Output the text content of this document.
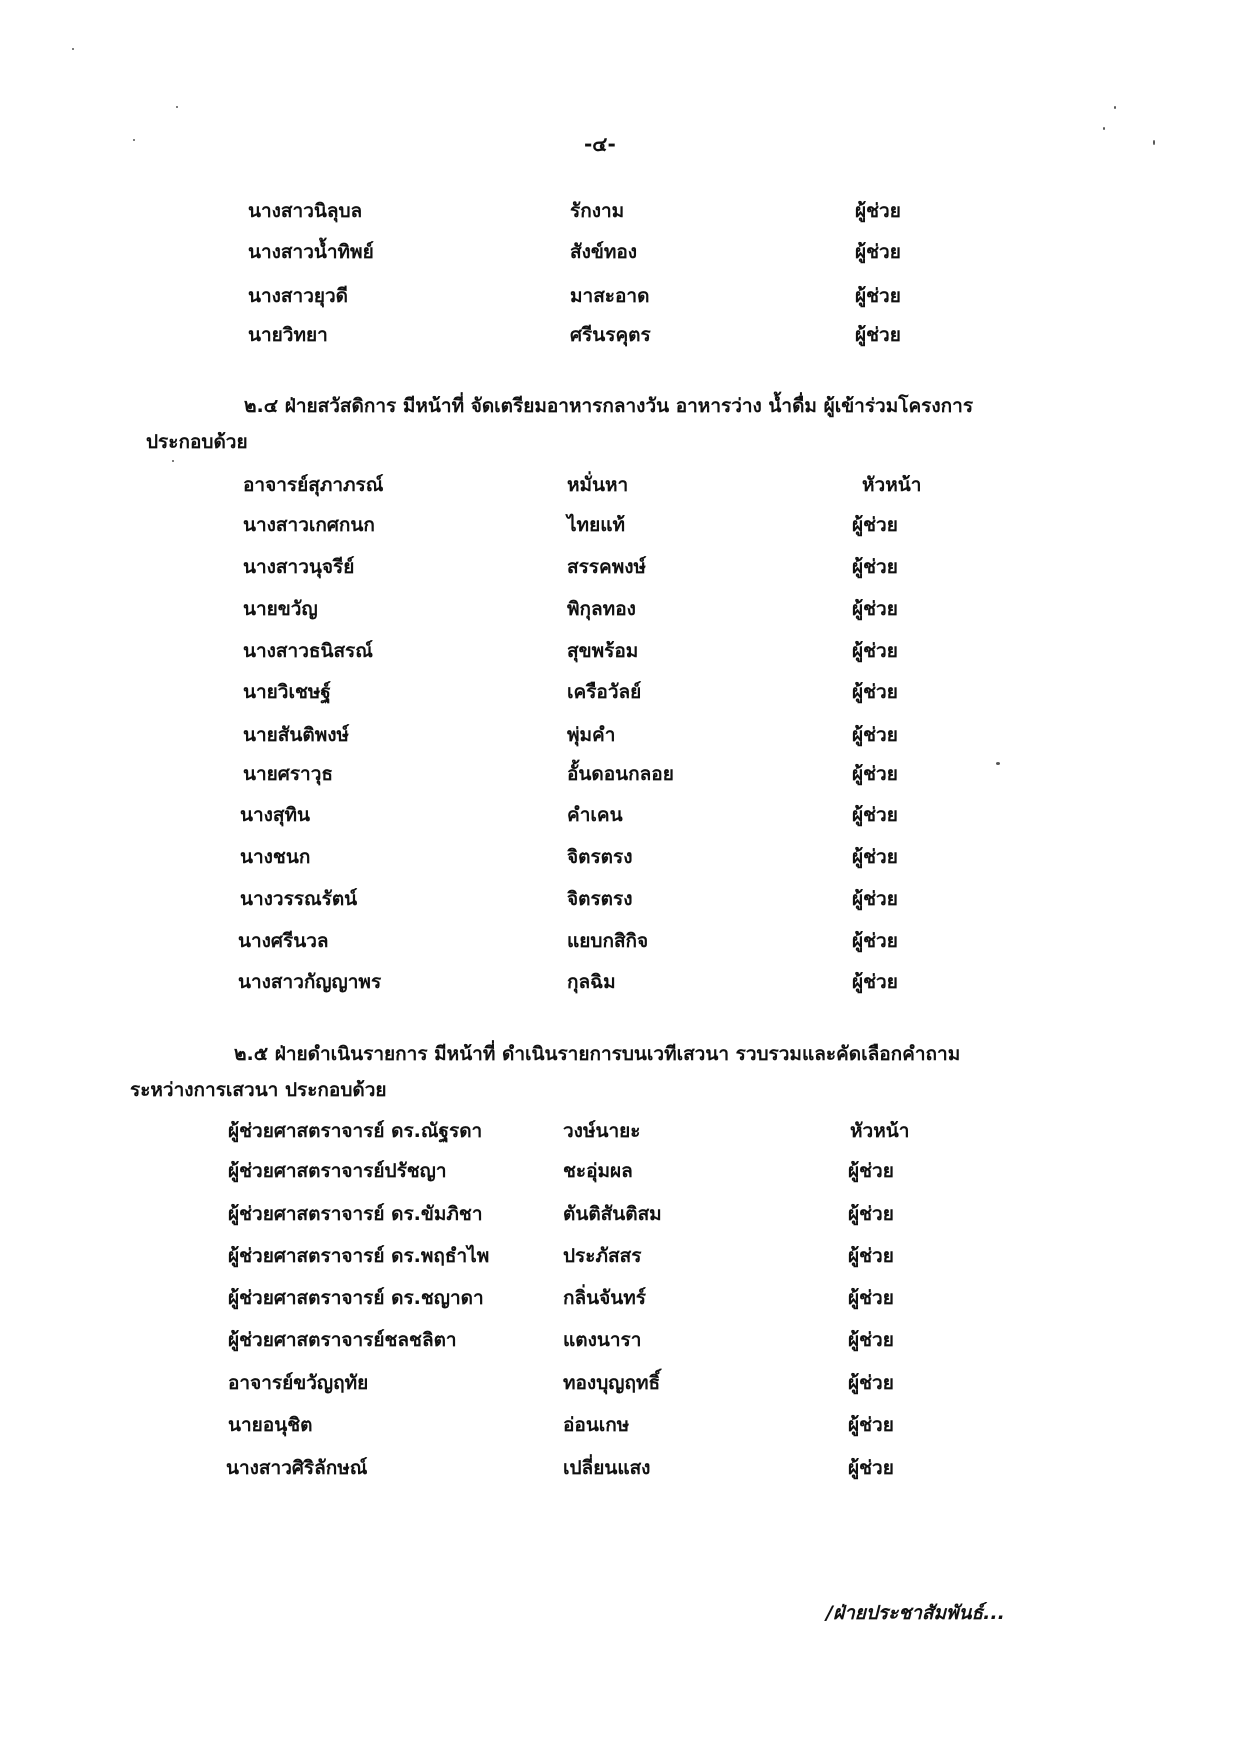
-๔-
นางสาวนิลุบล	รักงาม	ผู้ช่วย
นางสาวน้ำทิพย์	สังข์ทอง	ผู้ช่วย
นางสาวยุวดี	มาสะอาด	ผู้ช่วย
นายวิทยา	ศรีนรคุตร	ผู้ช่วย
๒.๔ ฝ่ายสวัสดิการ มีหน้าที่ จัดเตรียมอาหารกลางวัน อาหารว่าง น้ำดื่ม ผู้เข้าร่วมโครงการ
ประกอบด้วย
อาจารย์สุภาภรณ์	หมั่นหา	หัวหน้า
นางสาวเกศกนก	ไทยแท้	ผู้ช่วย
นางสาวนุจรีย์	สรรคพงษ์	ผู้ช่วย
นายขวัญ	พิกุลทอง	ผู้ช่วย
นางสาวธนิสรณ์	สุขพร้อม	ผู้ช่วย
นายวิเชษฐ์	เครือวัลย์	ผู้ช่วย
นายสันติพงษ์	พุ่มคำ	ผู้ช่วย
นายศราวุธ	อั้นดอนกลอย	ผู้ช่วย
นางสุทิน	คำเคน	ผู้ช่วย
นางชนก	จิตรตรง	ผู้ช่วย
นางวรรณรัตน์	จิตรตรง	ผู้ช่วย
นางศรีนวล	แยบกสิกิจ	ผู้ช่วย
นางสาวกัญญาพร	กุลฉิม	ผู้ช่วย
๒.๕ ฝ่ายดำเนินรายการ มีหน้าที่ ดำเนินรายการบนเวทีเสวนา รวบรวมและคัดเลือกคำถาม
ระหว่างการเสวนา ประกอบด้วย
ผู้ช่วยศาสตราจารย์ ดร.ณัฐรดา	วงษ์นายะ	หัวหน้า
ผู้ช่วยศาสตราจารย์ปรัชญา	ชะอุ่มผล	ผู้ช่วย
ผู้ช่วยศาสตราจารย์ ดร.ขัมภิชา	ตันติสันติสม	ผู้ช่วย
ผู้ช่วยศาสตราจารย์ ดร.พฤธำไพ	ประภัสสร	ผู้ช่วย
ผู้ช่วยศาสตราจารย์ ดร.ชญาดา	กลิ่นจันทร์	ผู้ช่วย
ผู้ช่วยศาสตราจารย์ชลชลิตา	แตงนารา	ผู้ช่วย
อาจารย์ขวัญฤทัย	ทองบุญฤทธิ์	ผู้ช่วย
นายอนุชิต	อ่อนเกษ	ผู้ช่วย
นางสาวศิริลักษณ์	เปลี่ยนแสง	ผู้ช่วย
/ฝ่ายประชาสัมพันธ์...
